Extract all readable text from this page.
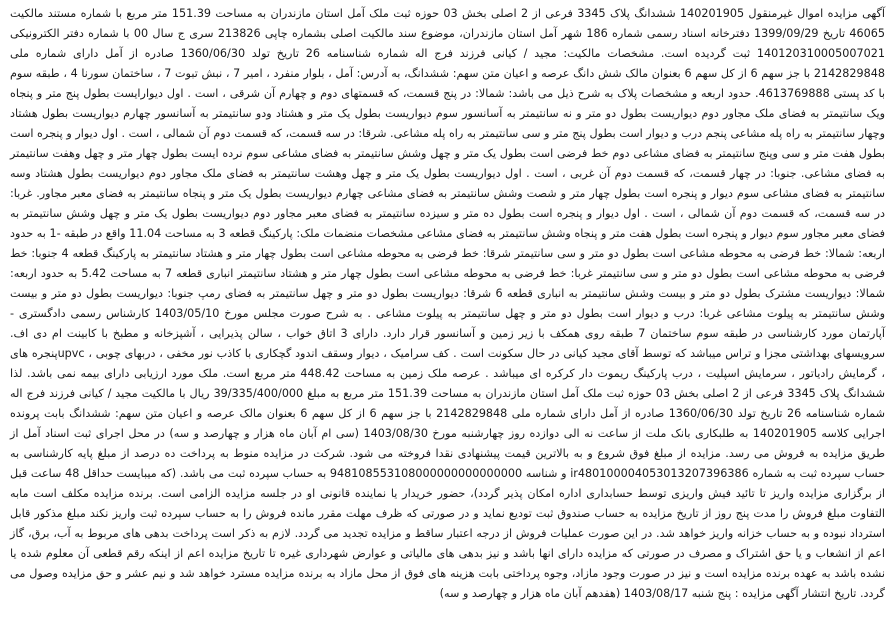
آگهی مزایده اموال غیرمنقول 140201905 ششدانگ پلاک 3345 فرعی از 2 اصلی بخش 03 حوزه ثبت ملک آمل استان مازندران به مساحت 151.39 متر مربع با شماره مستند مالکیت 46065 تاریخ 1399/09/29 دفترخانه اسناد رسمی شماره 186 شهر آمل استان مازندران، موضوع سند مالکیت اصلی بشماره چاپی 213826 سری ج سال 00 با شماره دفتر الکترونیکی 140120310005007021 ثبت گردیده است. مشخصات مالکیت: مجید / کیانی فرزند فرج اله شماره شناسنامه 26 تاریخ تولد 1360/06/30 صادره از آمل دارای شماره ملی 2142829848 با جز سهم 6 از کل سهم 6 بعنوان مالک شش دانگ عرصه و اعیان متن سهم: ششدانگ، به آدرس: آمل ، بلوار منفرد ، امیر 7 ، نبش تبوت 7 ، ساختمان سورنا 4 ، طبقه سوم با کد پستی 4613769888. حدود اربعه و مشخصات پلاک به شرح ذیل می باشد: شمالا: در پنج قسمت، که قسمتهای دوم و چهارم آن شرقی ، است . اول دیوارایست بطول پنج متر و پنجاه ویک سانتیمتر به فضای ملک مجاور دوم دیواریست بطول دو متر و نه سانتیمتر به آسانسور سوم دیواریست بطول یک متر و هشتاد ودو سانتیمتر به آسانسور چهارم دیواریست بطول هشتاد وچهار سانتیمتر به راه پله مشاعی پنجم درب و دیوار است بطول پنج متر و سی سانتیمتر به راه پله مشاعی. شرقا: در سه قسمت، که قسمت دوم آن شمالی ، است . اول دیوار و پنجره است بطول هفت متر و سی وپنج سانتیمتر به فضای مشاعی دوم خط فرضی است بطول یک متر و چهل وشش سانتیمتر به فضای مشاعی سوم نرده ایست بطول چهار متر و چهل وهفت سانتیمتر به فضای مشاعی. جنوبا: در چهار قسمت، که قسمت دوم آن غربی ، است . اول دیواریست بطول یک متر و چهل وهشت سانتیمتر به فضای ملک مجاور دوم دیواریست بطول هشتاد وسه سانتیمتر به فضای مشاعی سوم دیوار و پنجره است بطول چهار متر و شصت وشش سانتیمتر به فضای مشاعی چهارم دیواریست بطول یک متر و پنجاه سانتیمتر به فضای معبر مجاور. غربا: در سه قسمت، که قسمت دوم آن شمالی ، است . اول دیوار و پنجره است بطول ده متر و سیزده سانتیمتر به فضای معبر مجاور دوم دیواریست بطول یک متر و چهل وشش سانتیمتر به فضای معبر مجاور سوم دیوار و پنجره است بطول هفت متر و پنجاه وشش سانتیمتر به فضای مشاعی مشخصات منضمات ملک: پارکینگ قطعه 3 به مساحت 11.04 واقع در طبقه -1 به حدود اربعه: شمالا: خط فرضی به محوطه مشاعی است بطول دو متر و سی سانتیمتر شرقا: خط فرضی به محوطه مشاعی است بطول چهار متر و هشتاد سانتیمتر به پارکینگ قطعه 4 جنوبا: خط فرضی به محوطه مشاعی است بطول دو متر و سی سانتیمتر غربا: خط فرضی به محوطه مشاعی است بطول چهار متر و هشتاد سانتیمتر انباری قطعه 7 به مساحت 5.42 به حدود اربعه: شمالا: دیواریست مشترک بطول دو متر و بیست وشش سانتیمتر به انباری قطعه 6 شرقا: دیواریست بطول دو متر و چهل سانتیمتر به فضای رمپ جنوبا: دیواریست بطول دو متر و بیست وشش سانتیمتر به پیلوت مشاعی غربا: درب و دیوار است بطول دو متر و چهل سانتیمتر به پیلوت مشاعی . به شرح صورت مجلس مورخ 1403/05/10 کارشناس رسمی دادگستری - آپارتمان مورد کارشناسی در طبقه سوم ساختمان 7 طبقه روی همکف با زیر زمین و آسانسور قرار دارد. دارای 3 اتاق خواب ، سالن پذیرایی ، آشپزخانه و مطبخ با کابینت ام دی اف. سرویسهای بهداشتی مجزا و تراس میباشد که توسط آقای مجید کیانی در حال سکونت است . کف سرامیک ، دیوار وسقف اندود گچکاری با کاذب نور مخفی ، دربهای چوبی ، upvcپنجره های ، گرمایش رادیاتور ، سرمایش اسپلیت ، درب پارکینگ ریموت دار کرکره ای میباشد . عرصه ملک زمین به مساحت 448.42 متر مربع است. ملک مورد ارزیابی دارای بیمه نمی باشد. لذا ششدانگ پلاک 3345 فرعی از 2 اصلی بخش 03 حوزه ثبت ملک آمل استان مازندران به مساحت 151.39 متر مربع به مبلغ 39/335/400/000 ریال با مالکیت مجید / کیانی فرزند فرج اله شماره شناسنامه 26 تاریخ تولد 1360/06/30 صادره از آمل دارای شماره ملی 2142829848 با جز سهم 6 از کل سهم 6 بعنوان مالک عرصه و اعیان متن سهم: ششدانگ بابت پرونده اجرایی کلاسه 140201905 به طلبکاری بانک ملت از ساعت نه الی دوازده روز چهارشنبه مورخ 1403/08/30 (سی ام آبان ماه هزار و چهارصد و سه) در محل اجرای ثبت اسناد آمل از طریق مزایده به فروش می رسد. مزایده از مبلغ فوق شروع و به بالاترین قیمت پیشنهادی نقدا فروخته می شود. شرکت در مزایده منوط به پرداخت ده درصد از مبلغ پایه کارشناسی به حساب سپرده ثبت به شماره ir480100004053013207396386 و شناسه 948108553108000000000000000 به حساب سپرده ثبت می باشد. (که میبایست حداقل 48 ساعت قبل از برگزاری مزایده واریز تا تائید فیش واریزی توسط حسابداری اداره امکان پذیر گردد)، حضور خریدار یا نماینده قانونی او در جلسه مزایده الزامی است. برنده مزایده مکلف است مابه التفاوت مبلغ فروش را مدت پنج روز از تاریخ مزایده به حساب صندوق ثبت تودیع نماید و در صورتی که ظرف مهلت مقرر مانده فروش را به حساب سپرده ثبت واریز نکند مبلغ مذکور قابل استرداد نبوده و به حساب خزانه واریز خواهد شد. در این صورت عملیات فروش از درجه اعتبار ساقط و مزایده تجدید می گردد. لازم به ذکر است پرداخت بدهی های مربوط به آب، برق، گاز اعم از انشعاب و یا حق اشتراک و مصرف در صورتی که مزایده دارای انها باشد و نیز بدهی های مالیاتی و عوارض شهرداری غیره تا تاریخ مزایده اعم از اینکه رقم قطعی آن معلوم شده یا نشده باشد به عهده برنده مزایده است و نیز در صورت وجود مازاد، وجوه پرداختی بابت هزینه های فوق از محل مازاد به برنده مزایده مسترد خواهد شد و نیم عشر و حق مزایده وصول می گردد. تاریخ انتشار آگهی مزایده : پنج شنبه 1403/08/17 (هفدهم آبان ماه هزار و چهارصد و سه)
